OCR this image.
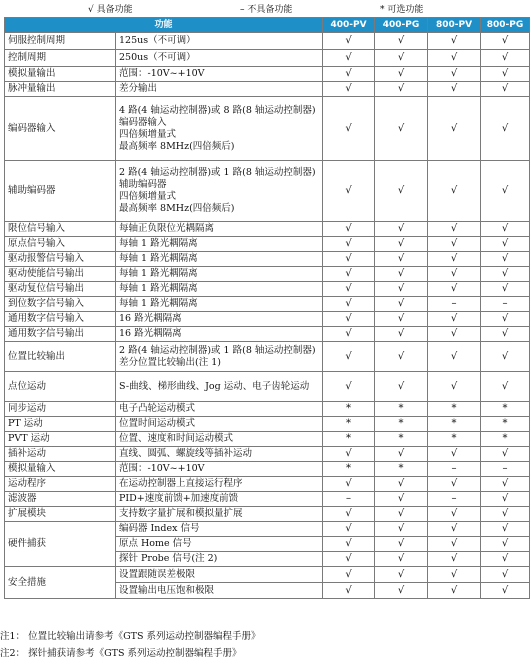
√ 具备功能	– 不具备功能	* 可选功能
功能		400-PV	400-PG	800-PV	800-PG
伺服控制周期	125us（不可调）	√	√	√	√
控制周期	250us（不可调）	√	√	√	√
模拟量输出	范围：-10V~+10V	√	√	√	√
脉冲量输出	差分输出	√	√	√	√
编码器输入	4 路(4 轴运动控制器)或 8 路(8 轴运动控制器)编码器输入
四倍频增量式
最高频率 8MHz(四倍频后)	√	√	√	√
辅助编码器	2 路(4 轴运动控制器)或 1 路(8 轴运动控制器)辅助编码器
四倍频增量式
最高频率 8MHz(四倍频后)	√	√	√	√
限位信号输入	每轴正负限位光耦隔离	√	√	√	√
原点信号输入	每轴 1 路光耦隔离	√	√	√	√
驱动报警信号输入	每轴 1 路光耦隔离	√	√	√	√
驱动使能信号输出	每轴 1 路光耦隔离	√	√	√	√
驱动复位信号输出	每轴 1 路光耦隔离	√	√	√	√
到位数字信号输入	每轴 1 路光耦隔离	√	√	–	–
通用数字信号输入	16 路光耦隔离	√	√	√	√
通用数字信号输出	16 路光耦隔离	√	√	√	√
位置比较输出	2 路(4 轴运动控制器)或 1 路(8 轴运动控制器)差分位置比较输出(注 1)	√	√	√	√
点位运动	S-曲线、梯形曲线、Jog 运动、电子齿轮运动	√	√	√	√
同步运动	电子凸轮运动模式	*	*	*	*
PT 运动	位置时间运动模式	*	*	*	*
PVT 运动	位置、速度和时间运动模式	*	*	*	*
插补运动	直线、圆弧、螺旋线等插补运动	√	√	√	√
模拟量输入	范围：-10V~+10V	*	*	–	–
运动程序	在运动控制器上直接运行程序	√	√	√	√
滤波器	PID+速度前馈+加速度前馈	–	√	–	√
扩展模块	支持数字量扩展和模拟量扩展	√	√	√	√
硬件捕获	编码器 Index 信号	√	√	√	√
	原点 Home 信号	√	√	√	√
	探针 Probe 信号(注 2)	√	√	√	√
安全措施	设置跟随误差极限	√	√	√	√
	设置输出电压饱和极限	√	√	√	√
注1： 位置比较输出请参考《GTS 系列运动控制器编程手册》
注2： 探针捕获请参考《GTS 系列运动控制器编程手册》
